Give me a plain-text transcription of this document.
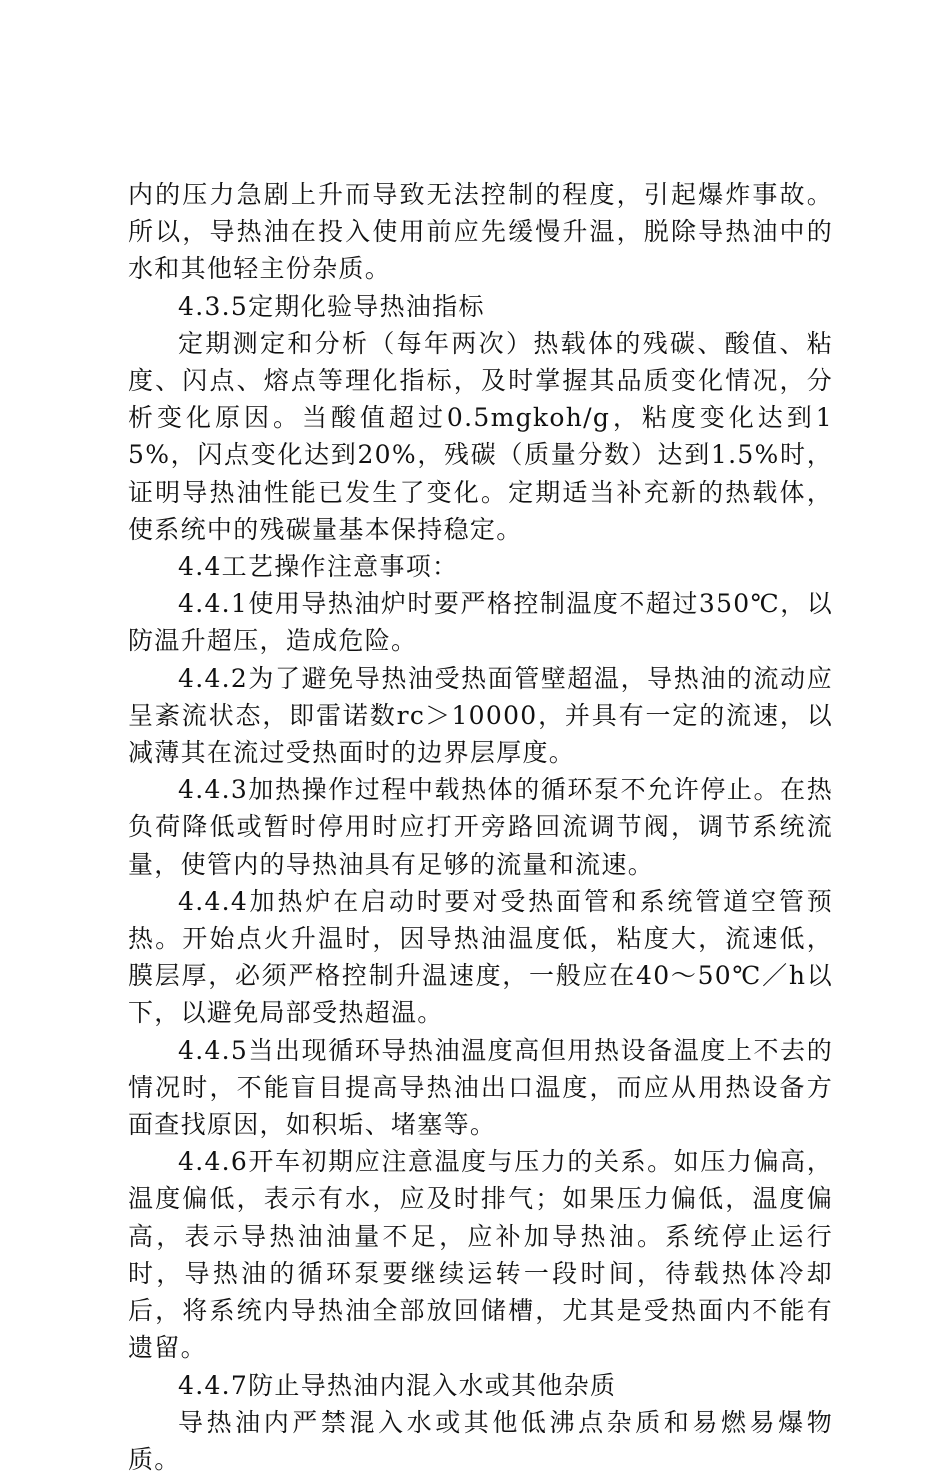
内的压力急剧上升而导致无法控制的程度，引起爆炸事故。所以，导热油在投入使用前应先缓慢升温，脱除导热油中的水和其他轻主份杂质。

4.3.5定期化验导热油指标

定期测定和分析（每年两次）热载体的残碳、酸值、粘度、闪点、熔点等理化指标，及时掌握其品质变化情况，分析变化原因。当酸值超过0.5mgkoh/g，粘度变化达到15%，闪点变化达到20%，残碳（质量分数）达到1.5%时，证明导热油性能已发生了变化。定期适当补充新的热载体，使系统中的残碳量基本保持稳定。

4.4工艺操作注意事项：

4.4.1使用导热油炉时要严格控制温度不超过350℃，以防温升超压，造成危险。

4.4.2为了避免导热油受热面管壁超温，导热油的流动应呈紊流状态，即雷诺数rc＞10000，并具有一定的流速，以减薄其在流过受热面时的边界层厚度。

4.4.3加热操作过程中载热体的循环泵不允许停止。在热负荷降低或暂时停用时应打开旁路回流调节阀，调节系统流量，使管内的导热油具有足够的流量和流速。

4.4.4加热炉在启动时要对受热面管和系统管道空管预热。开始点火升温时，因导热油温度低，粘度大，流速低，膜层厚，必须严格控制升温速度，一般应在40～50℃／h以下，以避免局部受热超温。

4.4.5当出现循环导热油温度高但用热设备温度上不去的情况时，不能盲目提高导热油出口温度，而应从用热设备方面查找原因，如积垢、堵塞等。

4.4.6开车初期应注意温度与压力的关系。如压力偏高，温度偏低，表示有水，应及时排气；如果压力偏低，温度偏高，表示导热油油量不足，应补加导热油。系统停止运行时，导热油的循环泵要继续运转一段时间，待载热体冷却后，将系统内导热油全部放回储槽，尤其是受热面内不能有遗留。

4.4.7防止导热油内混入水或其他杂质

导热油内严禁混入水或其他低沸点杂质和易燃易爆物质。
